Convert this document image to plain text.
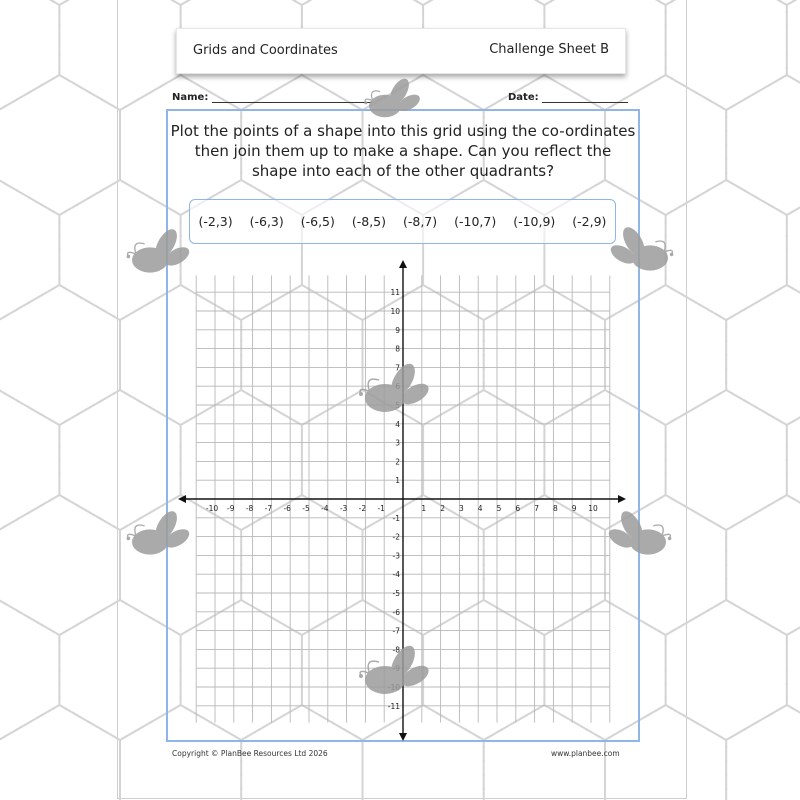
Grids and Coordinates	Challenge Sheet B
Name:	Date:
Plot the points of a shape into this grid using the co-ordinates then join them up to make a shape. Can you reflect the shape into each of the other quadrants?
(-2,3) (-6,3) (-6,5) (-8,5) (-8,7) (-10,7) (-10,9) (-2,9)
-10 -9 -8 -7 -6 -5 -4 -3 -2 -1	1 2 3 4 5 6 7 8 9 10
11
10
9
8
7
4
3
2
1
-1
-2
-3
-4
-5
-6
-7
-8
-11
Copyright © PlanBee Resources Ltd 2026	www.planbee.com
